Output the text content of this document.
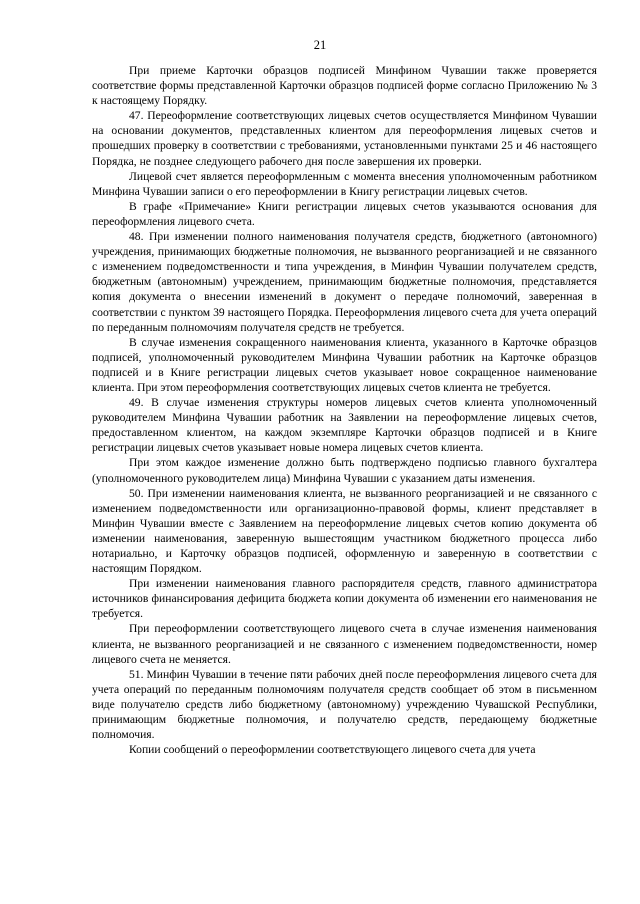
21

При приеме Карточки образцов подписей Минфином Чувашии также проверяется соответствие формы представленной Карточки образцов подписей форме согласно Приложению № 3 к настоящему Порядку.

47. Переоформление соответствующих лицевых счетов осуществляется Минфином Чувашии на основании документов, представленных клиентом для переоформления лицевых счетов и прошедших проверку в соответствии с требованиями, установленными пунктами 25 и 46 настоящего Порядка, не позднее следующего рабочего дня после завершения их проверки.

Лицевой счет является переоформленным с момента внесения уполномоченным работником Минфина Чувашии записи о его переоформлении в Книгу регистрации лицевых счетов.

В графе «Примечание» Книги регистрации лицевых счетов указываются основания для переоформления лицевого счета.

48. При изменении полного наименования получателя средств, бюджетного (автономного) учреждения, принимающих бюджетные полномочия, не вызванного реорганизацией и не связанного с изменением подведомственности и типа учреждения, в Минфин Чувашии получателем средств, бюджетным (автономным) учреждением, принимающим бюджетные полномочия, представляется копия документа о внесении изменений в документ о передаче полномочий, заверенная в соответствии с пунктом 39 настоящего Порядка. Переоформления лицевого счета для учета операций по переданным полномочиям получателя средств не требуется.

В случае изменения сокращенного наименования клиента, указанного в Карточке образцов подписей, уполномоченный руководителем Минфина Чувашии работник на Карточке образцов подписей и в Книге регистрации лицевых счетов указывает новое сокращенное наименование клиента. При этом переоформления соответствующих лицевых счетов клиента не требуется.

49. В случае изменения структуры номеров лицевых счетов клиента уполномоченный руководителем Минфина Чувашии работник на Заявлении на переоформление лицевых счетов, предоставленном клиентом, на каждом экземпляре Карточки образцов подписей и в Книге регистрации лицевых счетов указывает новые номера лицевых счетов клиента.

При этом каждое изменение должно быть подтверждено подписью главного бухгалтера (уполномоченного руководителем лица) Минфина Чувашии с указанием даты изменения.

50. При изменении наименования клиента, не вызванного реорганизацией и не связанного с изменением подведомственности или организационно-правовой формы, клиент представляет в Минфин Чувашии вместе с Заявлением на переоформление лицевых счетов копию документа об изменении наименования, заверенную вышестоящим участником бюджетного процесса либо нотариально, и Карточку образцов подписей, оформленную и заверенную в соответствии с настоящим Порядком.

При изменении наименования главного распорядителя средств, главного администратора источников финансирования дефицита бюджета копии документа об изменении его наименования не требуется.

При переоформлении соответствующего лицевого счета в случае изменения наименования клиента, не вызванного реорганизацией и не связанного с изменением подведомственности, номер лицевого счета не меняется.

51. Минфин Чувашии в течение пяти рабочих дней после переоформления лицевого счета для учета операций по переданным полномочиям получателя средств сообщает об этом в письменном виде получателю средств либо бюджетному (автономному) учреждению Чувашской Республики, принимающим бюджетные полномочия, и получателю средств, передающему бюджетные полномочия.

Копии сообщений о переоформлении соответствующего лицевого счета для учета
